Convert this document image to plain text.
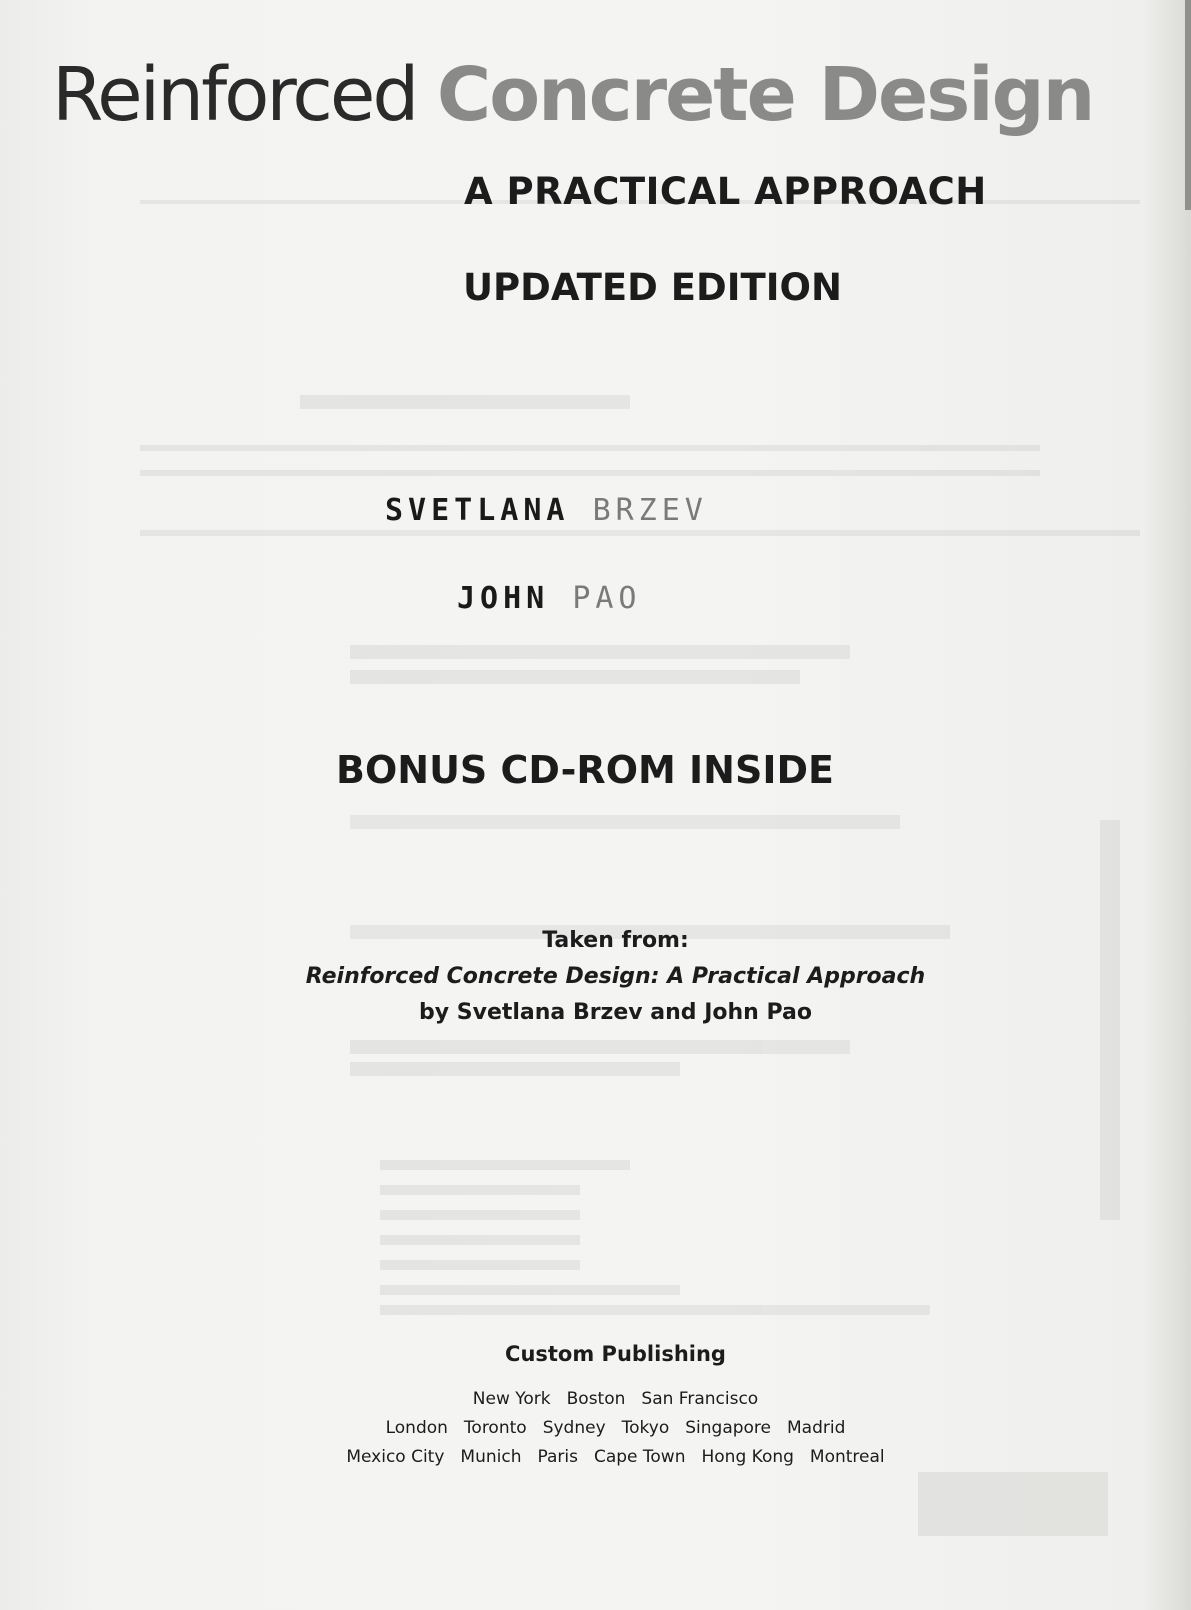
Reinforced Concrete Design
A PRACTICAL APPROACH
UPDATED EDITION
SVETLANA BRZEV
JOHN PAO
BONUS CD-ROM INSIDE
Taken from:
Reinforced Concrete Design: A Practical Approach
by Svetlana Brzev and John Pao
Custom Publishing
New York Boston San Francisco
London Toronto Sydney Tokyo Singapore Madrid
Mexico City Munich Paris Cape Town Hong Kong Montreal
